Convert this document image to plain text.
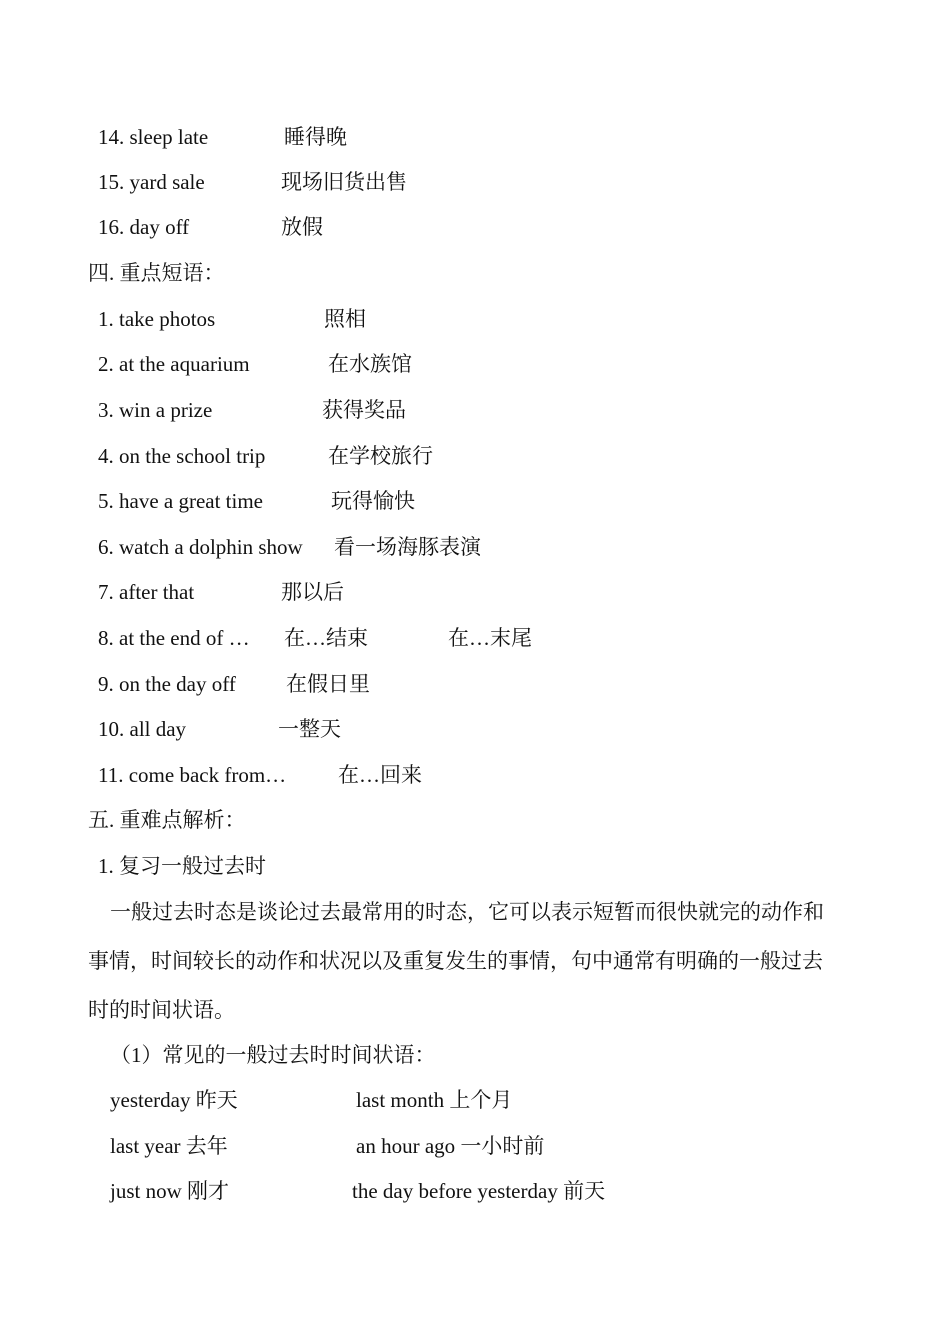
14. sleep late	睡得晚
15. yard sale	现场旧货出售
16. day off	放假
四. 重点短语：
1. take photos	照相
2. at the aquarium	在水族馆
3. win a prize	获得奖品
4. on the school trip	在学校旅行
5. have a great time	玩得愉快
6. watch a dolphin show 看一场海豚表演
7. after that	那以后
8. at the end of … 在…结束	在…末尾
9. on the day off 在假日里
10. all day	一整天
11. come back from… 在…回来
五. 重难点解析：
1. 复习一般过去时
一般过去时态是谈论过去最常用的时态，它可以表示短暂而很快就完的动作和
事情，时间较长的动作和状况以及重复发生的事情，句中通常有明确的一般过去
时的时间状语。
（1）常见的一般过去时时间状语：
yesterday 昨天	last month 上个月
last year 去年	an hour ago 一小时前
just now 刚才	the day before yesterday 前天
